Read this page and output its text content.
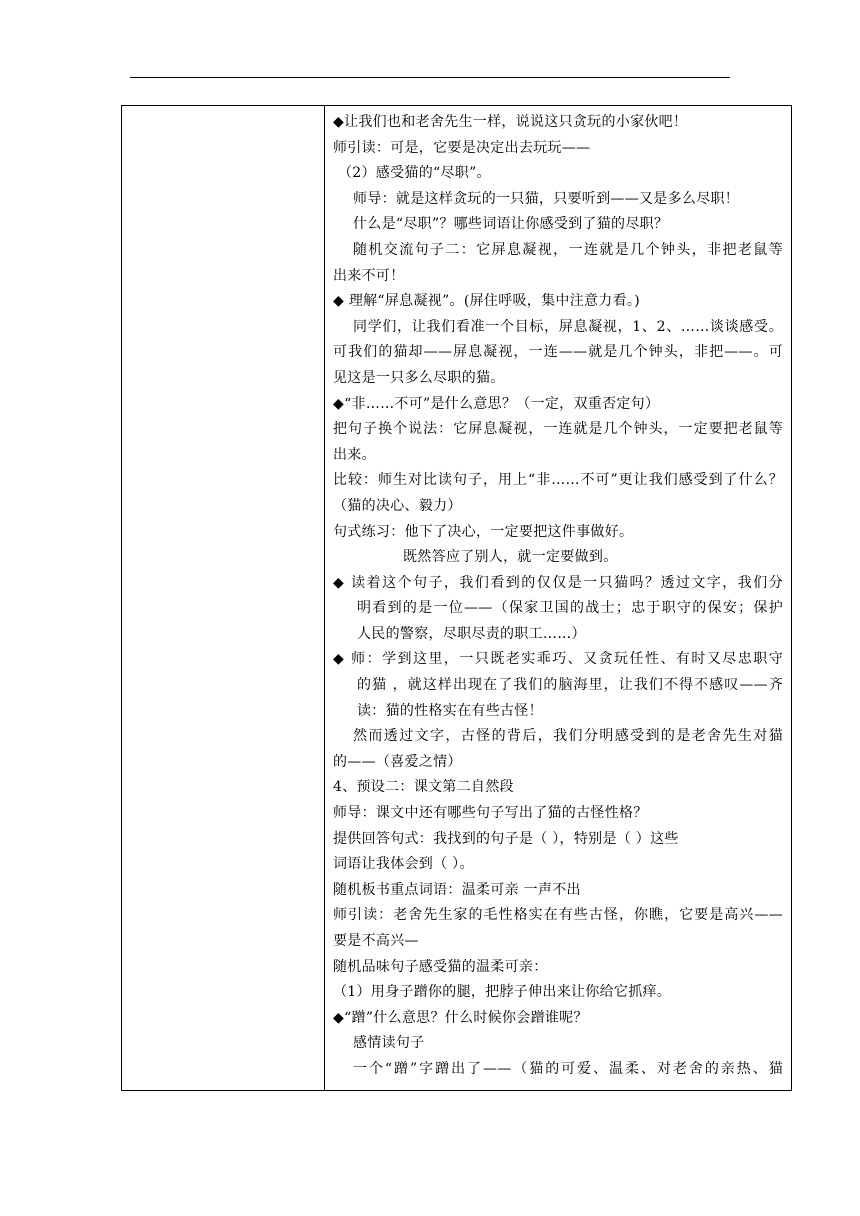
◆让我们也和老舍先生一样，说说这只贪玩的小家伙吧！
师引读：可是，它要是决定出去玩玩——
（2）感受猫的“尽职”。
师导：就是这样贪玩的一只猫，只要听到——又是多么尽职！
什么是“尽职”？哪些词语让你感受到了猫的尽职？
随机交流句子二：它屏息凝视，一连就是几个钟头，非把老鼠等
出来不可！
◆ 理解“屏息凝视”。(屏住呼吸，集中注意力看。)
同学们，让我们看准一个目标，屏息凝视，1、2、……谈谈感受。
可我们的猫却——屏息凝视，一连——就是几个钟头，非把——。可
见这是一只多么尽职的猫。
◆“非……不可”是什么意思？（一定，双重否定句）
把句子换个说法：它屏息凝视，一连就是几个钟头，一定要把老鼠等
出来。
比较：师生对比读句子，用上“非……不可”更让我们感受到了什么？
（猫的决心、毅力）
句式练习：他下了决心，一定要把这件事做好。
既然答应了别人，就一定要做到。
◆ 读着这个句子，我们看到的仅仅是一只猫吗？透过文字，我们分
明看到的是一位——（保家卫国的战士；忠于职守的保安；保护
人民的警察，尽职尽责的职工……）
◆ 师：学到这里，一只既老实乖巧、又贪玩任性、有时又尽忠职守
的猫 ，就这样出现在了我们的脑海里，让我们不得不感叹——齐
读：猫的性格实在有些古怪！
然而透过文字，古怪的背后，我们分明感受到的是老舍先生对猫
的——（喜爱之情）
4、预设二：课文第二自然段
师导：课文中还有哪些句子写出了猫的古怪性格？
提供回答句式：我找到的句子是（ ），特别是（ ）这些
词语让我体会到（ ）。
随机板书重点词语：温柔可亲 一声不出
师引读：老舍先生家的毛性格实在有些古怪，你瞧，它要是高兴——
要是不高兴—
随机品味句子感受猫的温柔可亲：
（1）用身子蹭你的腿，把脖子伸出来让你给它抓痒。
◆“蹭”什么意思？什么时候你会蹭谁呢？
感情读句子
一个“蹭”字蹭出了——（猫的可爱、温柔、对老舍的亲热、猫
